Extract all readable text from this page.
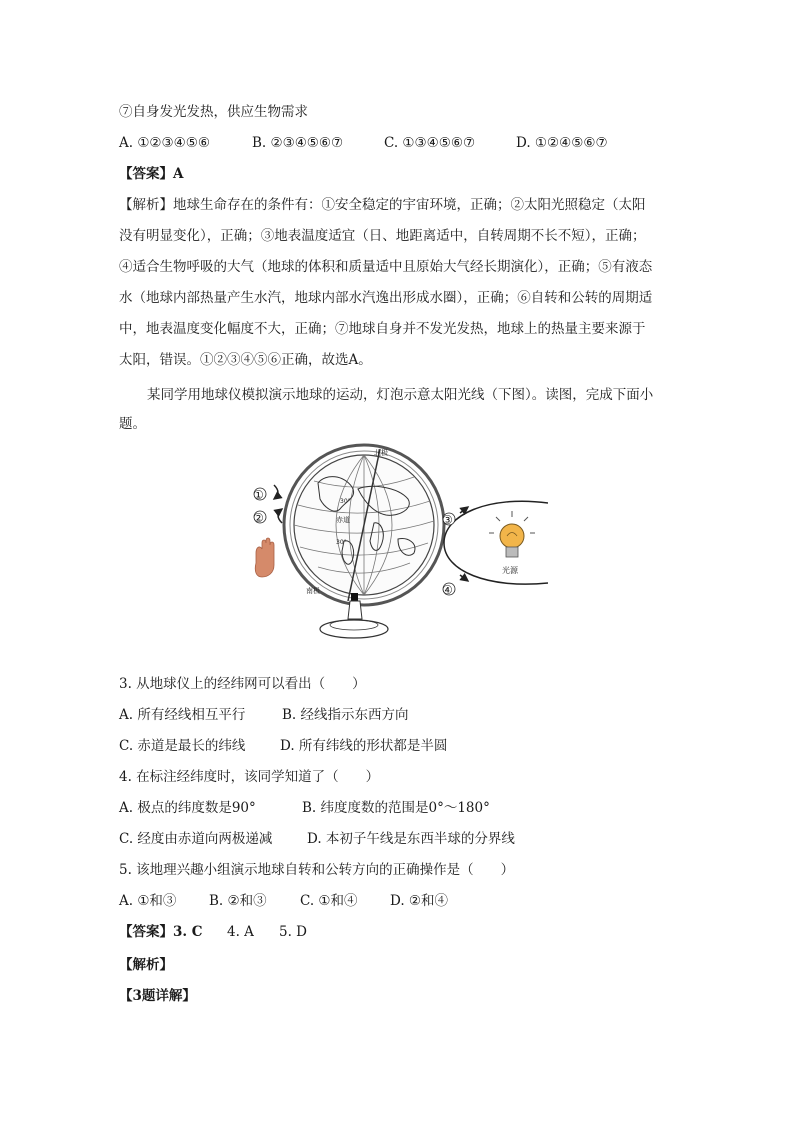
⑦自身发光发热，供应生物需求
A. ①②③④⑤⑥	B. ②③④⑤⑥⑦	C. ①③④⑤⑥⑦	D. ①②④⑤⑥⑦
【答案】A
【解析】地球生命存在的条件有：①安全稳定的宇宙环境，正确；②太阳光照稳定（太阳
没有明显变化），正确；③地表温度适宜（日、地距离适中，自转周期不长不短），正确；
④适合生物呼吸的大气（地球的体积和质量适中且原始大气经长期演化），正确；⑤有液态
水（地球内部热量产生水汽，地球内部水汽逸出形成水圈），正确；⑥自转和公转的周期适
中，地表温度变化幅度不大，正确；⑦地球自身并不发光发热，地球上的热量主要来源于
太阳，错误。①②③④⑤⑥正确，故选A。
某同学用地球仪模拟演示地球的运动，灯泡示意太阳光线（下图）。读图，完成下面小
题。
北极
南极
赤道
30°
30°
①
②	③
④
光源
3. 从地球仪上的经纬网可以看出（　　）
A. 所有经线相互平行	B. 经线指示东西方向
C. 赤道是最长的纬线	D. 所有纬线的形状都是半圆
4. 在标注经纬度时，该同学知道了（　　）
A. 极点的纬度数是90°	B. 纬度度数的范围是0°～180°
C. 经度由赤道向两极递减	D. 本初子午线是东西半球的分界线
5. 该地理兴趣小组演示地球自转和公转方向的正确操作是（　　）
A. ①和③ B. ②和③ C. ①和④ D. ②和④
【答案】3. C 4. A 5. D
【解析】
【3题详解】
